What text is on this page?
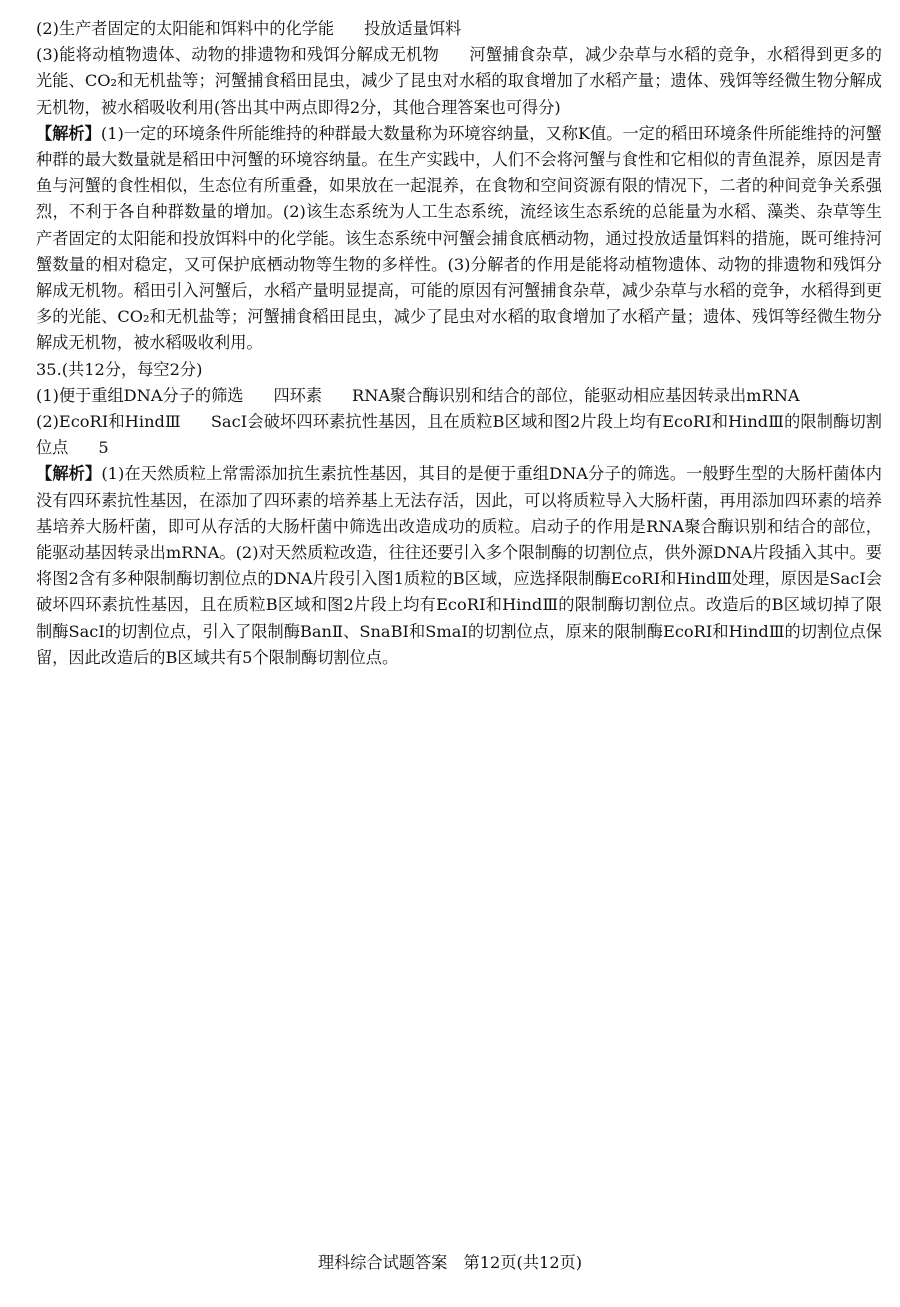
(2)生产者固定的太阳能和饵料中的化学能 投放适量饵料

(3)能将动植物遗体、动物的排遗物和残饵分解成无机物 河蟹捕食杂草，减少杂草与水稻的竞争，水稻得到更多的光能、CO₂和无机盐等；河蟹捕食稻田昆虫，减少了昆虫对水稻的取食增加了水稻产量；遗体、残饵等经微生物分解成无机物，被水稻吸收利用(答出其中两点即得2分，其他合理答案也可得分)

【解析】(1)一定的环境条件所能维持的种群最大数量称为环境容纳量，又称K值。一定的稻田环境条件所能维持的河蟹种群的最大数量就是稻田中河蟹的环境容纳量。在生产实践中，人们不会将河蟹与食性和它相似的青鱼混养，原因是青鱼与河蟹的食性相似，生态位有所重叠，如果放在一起混养，在食物和空间资源有限的情况下，二者的种间竞争关系强烈，不利于各自种群数量的增加。(2)该生态系统为人工生态系统，流经该生态系统的总能量为水稻、藻类、杂草等生产者固定的太阳能和投放饵料中的化学能。该生态系统中河蟹会捕食底栖动物，通过投放适量饵料的措施，既可维持河蟹数量的相对稳定，又可保护底栖动物等生物的多样性。(3)分解者的作用是能将动植物遗体、动物的排遗物和残饵分解成无机物。稻田引入河蟹后，水稻产量明显提高，可能的原因有河蟹捕食杂草，减少杂草与水稻的竞争，水稻得到更多的光能、CO₂和无机盐等；河蟹捕食稻田昆虫，减少了昆虫对水稻的取食增加了水稻产量；遗体、残饵等经微生物分解成无机物，被水稻吸收利用。

35.(共12分，每空2分)

(1)便于重组DNA分子的筛选 四环素 RNA聚合酶识别和结合的部位，能驱动相应基因转录出mRNA

(2)EcoRⅠ和HindⅢ SacⅠ会破坏四环素抗性基因，且在质粒B区域和图2片段上均有EcoRⅠ和HindⅢ的限制酶切割位点 5

【解析】(1)在天然质粒上常需添加抗生素抗性基因，其目的是便于重组DNA分子的筛选。一般野生型的大肠杆菌体内没有四环素抗性基因，在添加了四环素的培养基上无法存活，因此，可以将质粒导入大肠杆菌，再用添加四环素的培养基培养大肠杆菌，即可从存活的大肠杆菌中筛选出改造成功的质粒。启动子的作用是RNA聚合酶识别和结合的部位，能驱动基因转录出mRNA。(2)对天然质粒改造，往往还要引入多个限制酶的切割位点，供外源DNA片段插入其中。要将图2含有多种限制酶切割位点的DNA片段引入图1质粒的B区域，应选择限制酶EcoRⅠ和HindⅢ处理，原因是SacⅠ会破坏四环素抗性基因，且在质粒B区域和图2片段上均有EcoRⅠ和HindⅢ的限制酶切割位点。改造后的B区域切掉了限制酶SacⅠ的切割位点，引入了限制酶BanⅡ、SnaBⅠ和SmaⅠ的切割位点，原来的限制酶EcoRⅠ和HindⅢ的切割位点保留，因此改造后的B区域共有5个限制酶切割位点。

理科综合试题答案　第12页(共12页)
